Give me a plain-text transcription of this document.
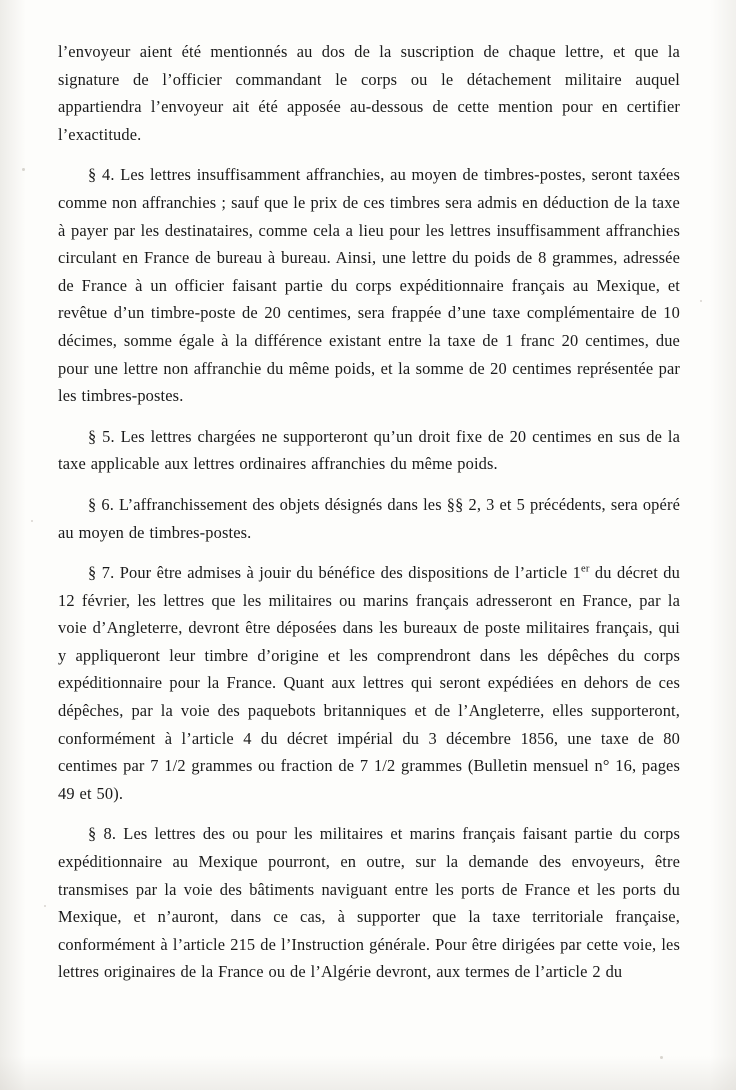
l’envoyeur aient été mentionnés au dos de la suscription de chaque lettre, et que la signature de l’officier commandant le corps ou le détachement militaire auquel appartiendra l’envoyeur ait été apposée au-dessous de cette mention pour en certifier l’exactitude.

§ 4. Les lettres insuffisamment affranchies, au moyen de timbres-postes, seront taxées comme non affranchies ; sauf que le prix de ces timbres sera admis en déduction de la taxe à payer par les destinataires, comme cela a lieu pour les lettres insuffisamment affranchies circulant en France de bureau à bureau. Ainsi, une lettre du poids de 8 grammes, adressée de France à un officier faisant partie du corps expéditionnaire français au Mexique, et revêtue d’un timbre-poste de 20 centimes, sera frappée d’une taxe complémentaire de 10 décimes, somme égale à la différence existant entre la taxe de 1 franc 20 centimes, due pour une lettre non affranchie du même poids, et la somme de 20 centimes représentée par les timbres-postes.

§ 5. Les lettres chargées ne supporteront qu’un droit fixe de 20 centimes en sus de la taxe applicable aux lettres ordinaires affranchies du même poids.

§ 6. L’affranchissement des objets désignés dans les §§ 2, 3 et 5 précédents, sera opéré au moyen de timbres-postes.

§ 7. Pour être admises à jouir du bénéfice des dispositions de l’article 1er du décret du 12 février, les lettres que les militaires ou marins français adresseront en France, par la voie d’Angleterre, devront être déposées dans les bureaux de poste militaires français, qui y appliqueront leur timbre d’origine et les comprendront dans les dépêches du corps expéditionnaire pour la France. Quant aux lettres qui seront expédiées en dehors de ces dépêches, par la voie des paquebots britanniques et de l’Angleterre, elles supporteront, conformément à l’article 4 du décret impérial du 3 décembre 1856, une taxe de 80 centimes par 7 1/2 grammes ou fraction de 7 1/2 grammes (Bulletin mensuel n° 16, pages 49 et 50).

§ 8. Les lettres des ou pour les militaires et marins français faisant partie du corps expéditionnaire au Mexique pourront, en outre, sur la demande des envoyeurs, être transmises par la voie des bâtiments naviguant entre les ports de France et les ports du Mexique, et n’auront, dans ce cas, à supporter que la taxe territoriale française, conformément à l’article 215 de l’Instruction générale. Pour être dirigées par cette voie, les lettres originaires de la France ou de l’Algérie devront, aux termes de l’article 2 du
